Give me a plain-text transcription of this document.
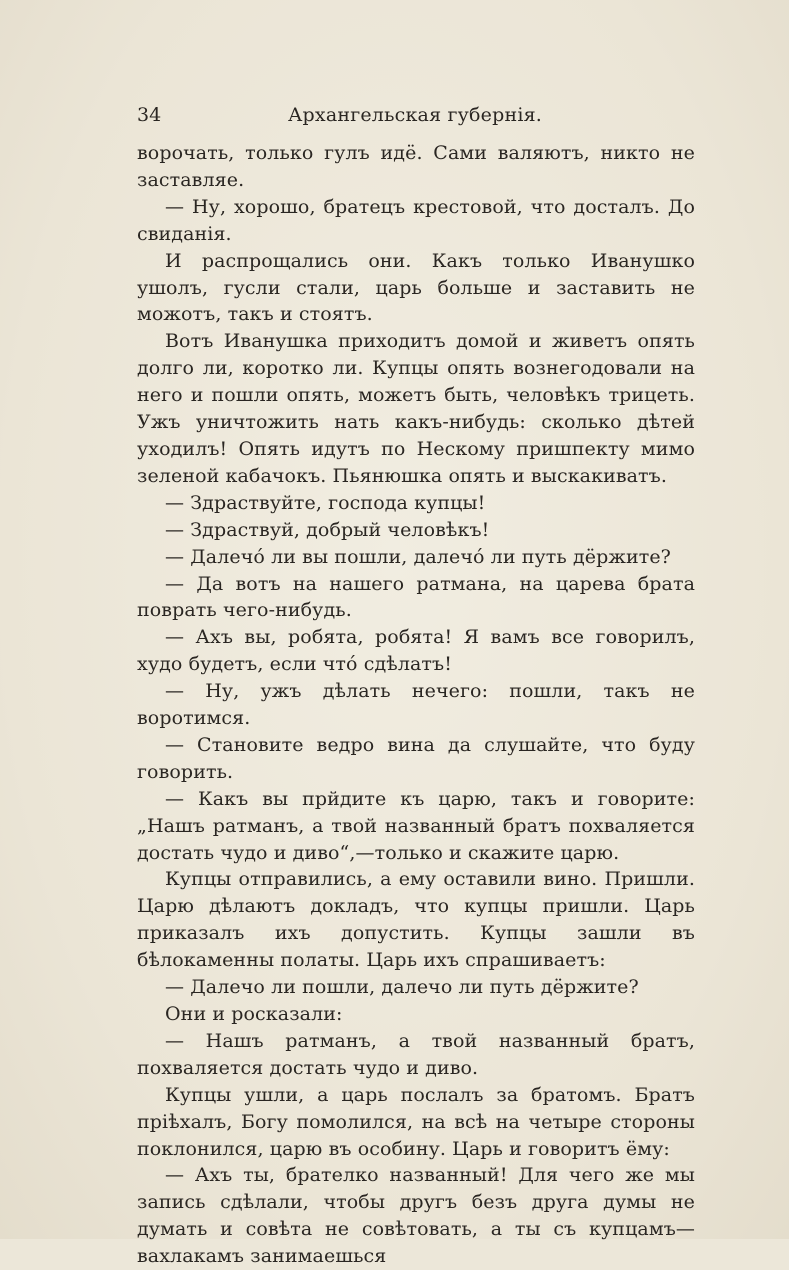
34	Архангельская губернія.

ворочать, только гулъ идё. Сами валяютъ, никто не заставляе.

— Ну, хорошо, братецъ крестовой, что досталъ. До свиданія.

И распрощались они. Какъ только Иванушко ушолъ, гусли стали, царь больше и заставить не можотъ, такъ и стоятъ.

Вотъ Иванушка приходитъ домой и живетъ опять долго ли, коротко ли. Купцы опять вознегодовали на него и пошли опять, можетъ быть, человѣкъ трицеть. Ужъ уничтожить нать какъ-нибудь: сколько дѣтей уходилъ! Опять идутъ по Нескому пришпекту мимо зеленой кабачокъ. Пьянюшка опять и выскакиватъ.

— Здраствуйте, господа купцы!

— Здраствуй, добрый человѣкъ!

— Далечо́ ли вы пошли, далечо́ ли путь дёржите?

— Да вотъ на нашего ратмана, на царева брата поврать чего-нибудь.

— Ахъ вы, робята, робята! Я вамъ все говорилъ, худо будетъ, если что́ сдѣлатъ!

— Ну, ужъ дѣлать нечего: пошли, такъ не воротимся.

— Становите ведро вина да слушайте, что буду говорить.

— Какъ вы прйдите къ царю, такъ и говорите: „Нашъ ратманъ, а твой названный братъ похваляется достать чудо и диво“,—только и скажите царю.

Купцы отправились, а ему оставили вино. Пришли. Царю дѣлаютъ докладъ, что купцы пришли. Царь приказалъ ихъ допустить. Купцы зашли въ бѣлокаменны полаты. Царь ихъ спрашиваетъ:

— Далечо ли пошли, далечо ли путь дёржите?

Они и росказали:

— Нашъ ратманъ, а твой названный братъ, похваляется достать чудо и диво.

Купцы ушли, а царь послалъ за братомъ. Братъ пріѣхалъ, Богу помолился, на всѣ на четыре стороны поклонился, царю въ особину. Царь и говоритъ ёму:

— Ахъ ты, брателко названный! Для чего же мы запись сдѣлали, чтобы другъ безъ друга думы не думать и совѣта не совѣтовать, а ты съ купцамъ—вахлакамъ занимаешься
